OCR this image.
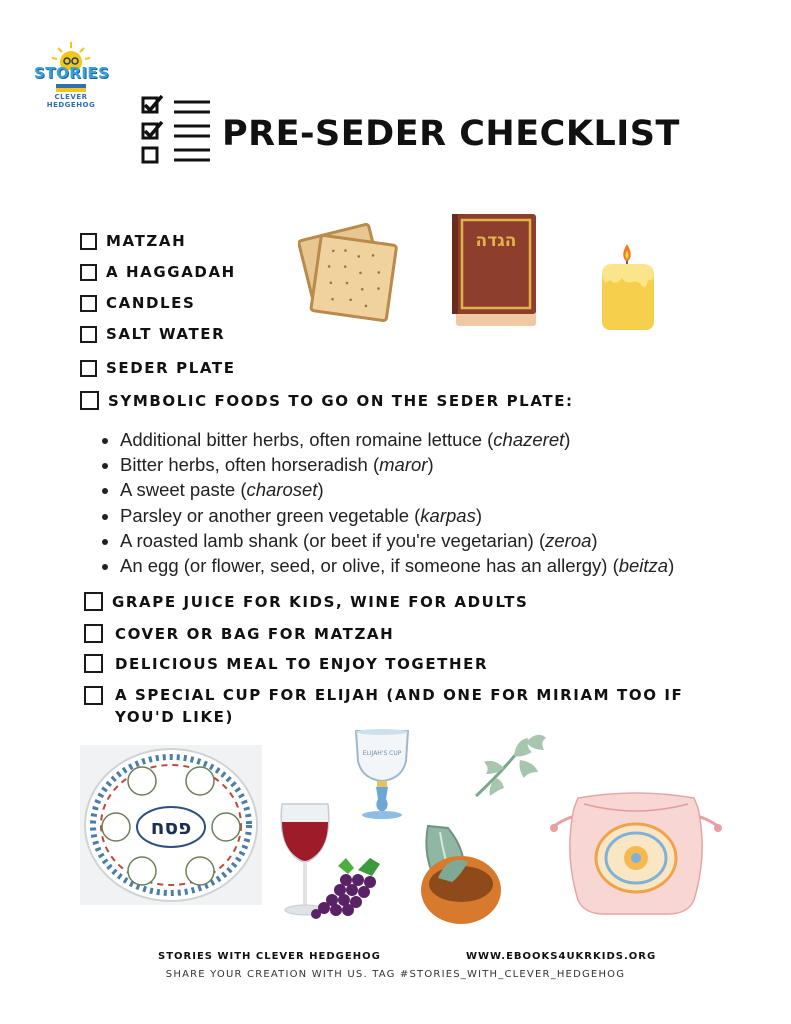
STORIES
CLEVER
HEDGEHOG
PRE-SEDER CHECKLIST
MATZAH
A HAGGADAH
CANDLES
SALT WATER
SEDER PLATE
SYMBOLIC FOODS TO GO ON THE SEDER PLATE:
• Additional bitter herbs, often romaine lettuce (chazeret)
• Bitter herbs, often horseradish (maror)
• A sweet paste (charoset)
• Parsley or another green vegetable (karpas)
• A roasted lamb shank (or beet if you're vegetarian) (zeroa)
• An egg (or flower, seed, or olive, if someone has an allergy) (beitza)
GRAPE JUICE FOR KIDS, WINE FOR ADULTS
COVER OR BAG FOR MATZAH
DELICIOUS MEAL TO ENJOY TOGETHER
A SPECIAL CUP FOR ELIJAH (AND ONE FOR MIRIAM TOO IF
YOU'D LIKE)
הגדה
פסח
ELIJAH'S CUP
STORIES WITH CLEVER HEDGEHOG	WWW.EBOOKS4UKRKIDS.ORG
SHARE YOUR CREATION WITH US. TAG #STORIES_WITH_CLEVER_HEDGEHOG
